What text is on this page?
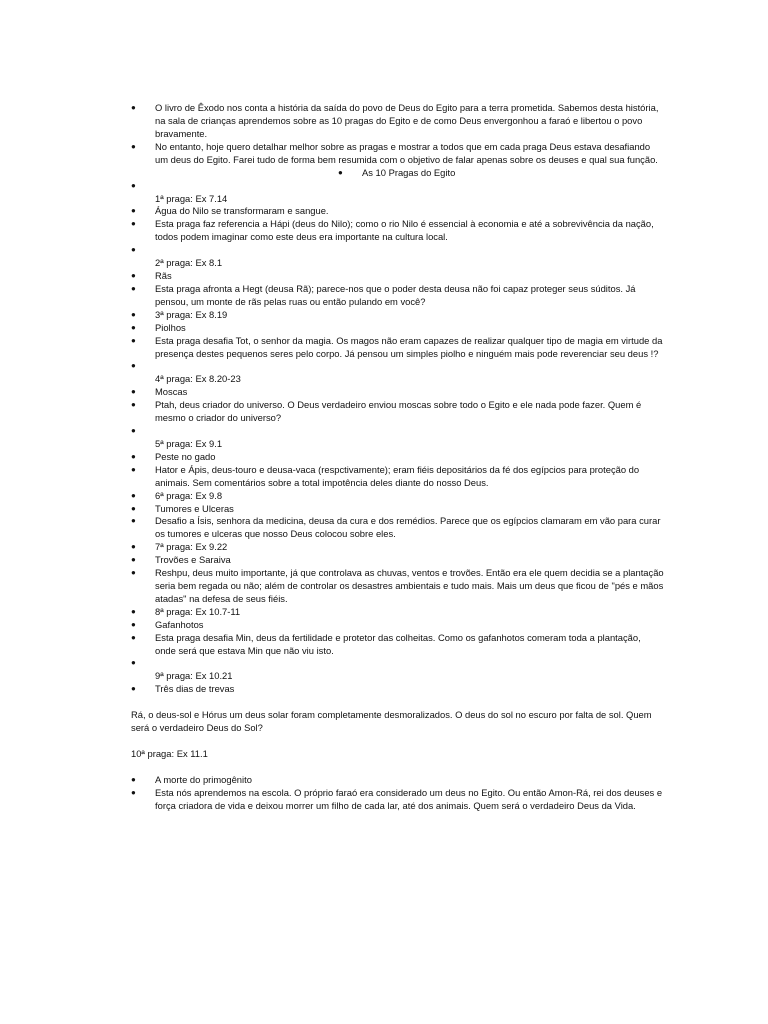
● O livro de Êxodo nos conta a história da saída do povo de Deus do Egito para a terra prometida. Sabemos desta história, na sala de crianças aprendemos sobre as 10 pragas do Egito e de como Deus envergonhou a faraó e libertou o povo bravamente.
● No entanto, hoje quero detalhar melhor sobre as pragas e mostrar a todos que em cada praga Deus estava desafiando um deus do Egito. Farei tudo de forma bem resumida com o objetivo de falar apenas sobre os deuses e qual sua função.
● As 10 Pragas do Egito
●
1ª praga: Ex 7.14
● Água do Nilo se transformaram e sangue.
● Esta praga faz referencia a Hápi (deus do Nilo); como o rio Nilo é essencial à economia e até a sobrevivência da nação, todos podem imaginar como este deus era importante na cultura local.
●
2ª praga: Ex 8.1
● Rãs
● Esta praga afronta a Hegt (deusa Rã); parece-nos que o poder desta deusa não foi capaz proteger seus súditos. Já pensou, um monte de rãs pelas ruas ou então pulando em você?
● 3ª praga: Ex 8.19
● Piolhos
● Esta praga desafia Tot, o senhor da magia. Os magos não eram capazes de realizar qualquer tipo de magia em virtude da presença destes pequenos seres pelo corpo. Já pensou um simples piolho e ninguém mais pode reverenciar seu deus !?
●
4ª praga: Ex 8.20-23
● Moscas
● Ptah, deus criador do universo. O Deus verdadeiro enviou moscas sobre todo o Egito e ele nada pode fazer. Quem é mesmo o criador do universo?
●
5ª praga: Ex 9.1
● Peste no gado
● Hator e Ápis, deus-touro e deusa-vaca (respctivamente); eram fiéis depositários da fé dos egípcios para proteção do animais. Sem comentários sobre a total impotência deles diante do nosso Deus.
● 6ª praga: Ex 9.8
● Tumores e Ulceras
● Desafio a Ísis, senhora da medicina, deusa da cura e dos remédios. Parece que os egípcios clamaram em vão para curar os tumores e ulceras que nosso Deus colocou sobre eles.
● 7ª praga: Ex 9.22
● Trovões e Saraiva
● Reshpu, deus muito importante, já que controlava as chuvas, ventos e trovões. Então era ele quem decidia se a plantação seria bem regada ou não; além de controlar os desastres ambientais e tudo mais. Mais um deus que ficou de "pés e mãos atadas" na defesa de seus fiéis.
● 8ª praga: Ex 10.7-11
● Gafanhotos
● Esta praga desafia Min, deus da fertilidade e protetor das colheitas. Como os gafanhotos comeram toda a plantação, onde será que estava Min que não viu isto.
●
9ª praga: Ex 10.21
● Três dias de trevas
Rá, o deus-sol e Hórus um deus solar foram completamente desmoralizados. O deus do sol no escuro por falta de sol. Quem será o verdadeiro Deus do Sol?
10ª praga: Ex 11.1
● A morte do primogênito
● Esta nós aprendemos na escola. O próprio faraó era considerado um deus no Egito. Ou então Amon-Rá, rei dos deuses e força criadora de vida e deixou morrer um filho de cada lar, até dos animais. Quem será o verdadeiro Deus da Vida.
